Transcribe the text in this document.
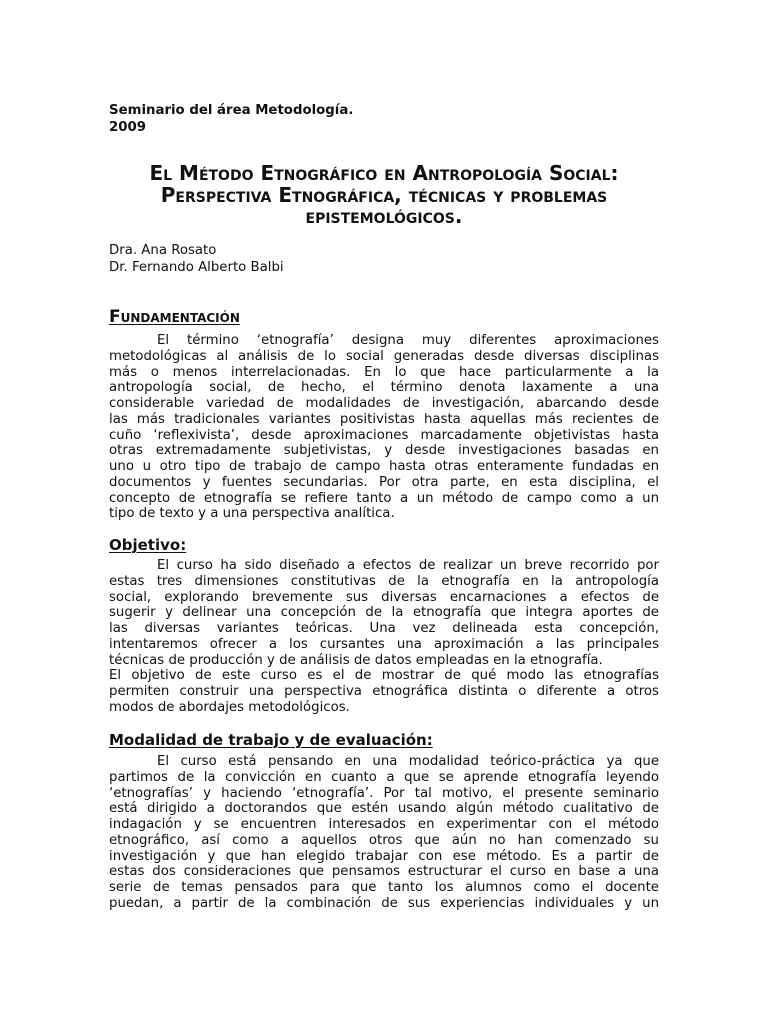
Seminario del área Metodología.
2009
El Método Etnográfico en Antropología Social:
Perspectiva Etnográfica, técnicas y problemas
epistemológicos.
Dra. Ana Rosato
Dr. Fernando Alberto Balbi
Fundamentación
El término ‘etnografía’ designa muy diferentes aproximaciones
metodológicas al análisis de lo social generadas desde diversas disciplinas
más o menos interrelacionadas. En lo que hace particularmente a la
antropología social, de hecho, el término denota laxamente a una
considerable variedad de modalidades de investigación, abarcando desde
las más tradicionales variantes positivistas hasta aquellas más recientes de
cuño ‘reflexivista’, desde aproximaciones marcadamente objetivistas hasta
otras extremadamente subjetivistas, y desde investigaciones basadas en
uno u otro tipo de trabajo de campo hasta otras enteramente fundadas en
documentos y fuentes secundarias. Por otra parte, en esta disciplina, el
concepto de etnografía se refiere tanto a un método de campo como a un
tipo de texto y a una perspectiva analítica.
Objetivo:
El curso ha sido diseñado a efectos de realizar un breve recorrido por
estas tres dimensiones constitutivas de la etnografía en la antropología
social, explorando brevemente sus diversas encarnaciones a efectos de
sugerir y delinear una concepción de la etnografía que integra aportes de
las diversas variantes teóricas. Una vez delineada esta concepción,
intentaremos ofrecer a los cursantes una aproximación a las principales
técnicas de producción y de análisis de datos empleadas en la etnografía.
El objetivo de este curso es el de mostrar de qué modo las etnografías
permiten construir una perspectiva etnográfica distinta o diferente a otros
modos de abordajes metodológicos.
Modalidad de trabajo y de evaluación:
El curso está pensando en una modalidad teórico-práctica ya que
partimos de la convicción en cuanto a que se aprende etnografía leyendo
‘etnografías’ y haciendo ‘etnografía’. Por tal motivo, el presente seminario
está dirigido a doctorandos que estén usando algún método cualitativo de
indagación y se encuentren interesados en experimentar con el método
etnográfico, así como a aquellos otros que aún no han comenzado su
investigación y que han elegido trabajar con ese método. Es a partir de
estas dos consideraciones que pensamos estructurar el curso en base a una
serie de temas pensados para que tanto los alumnos como el docente
puedan, a partir de la combinación de sus experiencias individuales y un
